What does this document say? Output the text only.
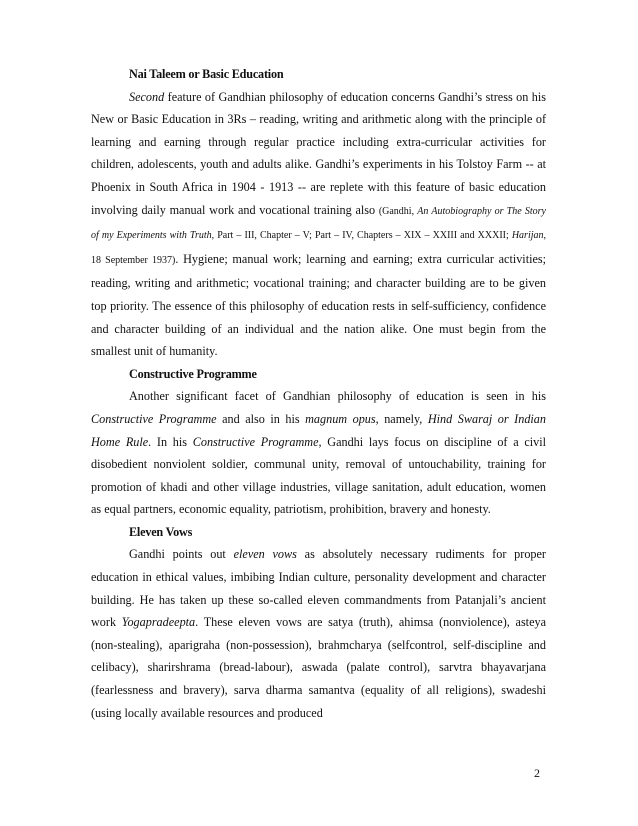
Nai Taleem or Basic Education

Second feature of Gandhian philosophy of education concerns Gandhi’s stress on his New or Basic Education in 3Rs – reading, writing and arithmetic along with the principle of learning and earning through regular practice including extra-curricular activities for children, adolescents, youth and adults alike. Gandhi’s experiments in his Tolstoy Farm -- at Phoenix in South Africa in 1904 - 1913 -- are replete with this feature of basic education involving daily manual work and vocational training also (Gandhi, An Autobiography or The Story of my Experiments with Truth, Part – III, Chapter – V; Part – IV, Chapters – XIX – XXIII and XXXII; Harijan, 18 September 1937). Hygiene; manual work; learning and earning; extra curricular activities; reading, writing and arithmetic; vocational training; and character building are to be given top priority. The essence of this philosophy of education rests in self-sufficiency, confidence and character building of an individual and the nation alike. One must begin from the smallest unit of humanity.

Constructive Programme

Another significant facet of Gandhian philosophy of education is seen in his Constructive Programme and also in his magnum opus, namely, Hind Swaraj or Indian Home Rule. In his Constructive Programme, Gandhi lays focus on discipline of a civil disobedient nonviolent soldier, communal unity, removal of untouchability, training for promotion of khadi and other village industries, village sanitation, adult education, women as equal partners, economic equality, patriotism, prohibition, bravery and honesty.

Eleven Vows

Gandhi points out eleven vows as absolutely necessary rudiments for proper education in ethical values, imbibing Indian culture, personality development and character building. He has taken up these so-called eleven commandments from Patanjali’s ancient work Yogapradeepta. These eleven vows are satya (truth), ahimsa (nonviolence), asteya (non-stealing), aparigraha (non-possession), brahmcharya (selfcontrol, self-discipline and celibacy), sharirshrama (bread-labour), aswada (palate control), sarvtra bhayavarjana (fearlessness and bravery), sarva dharma samantva (equality of all religions), swadeshi (using locally available resources and produced

2
